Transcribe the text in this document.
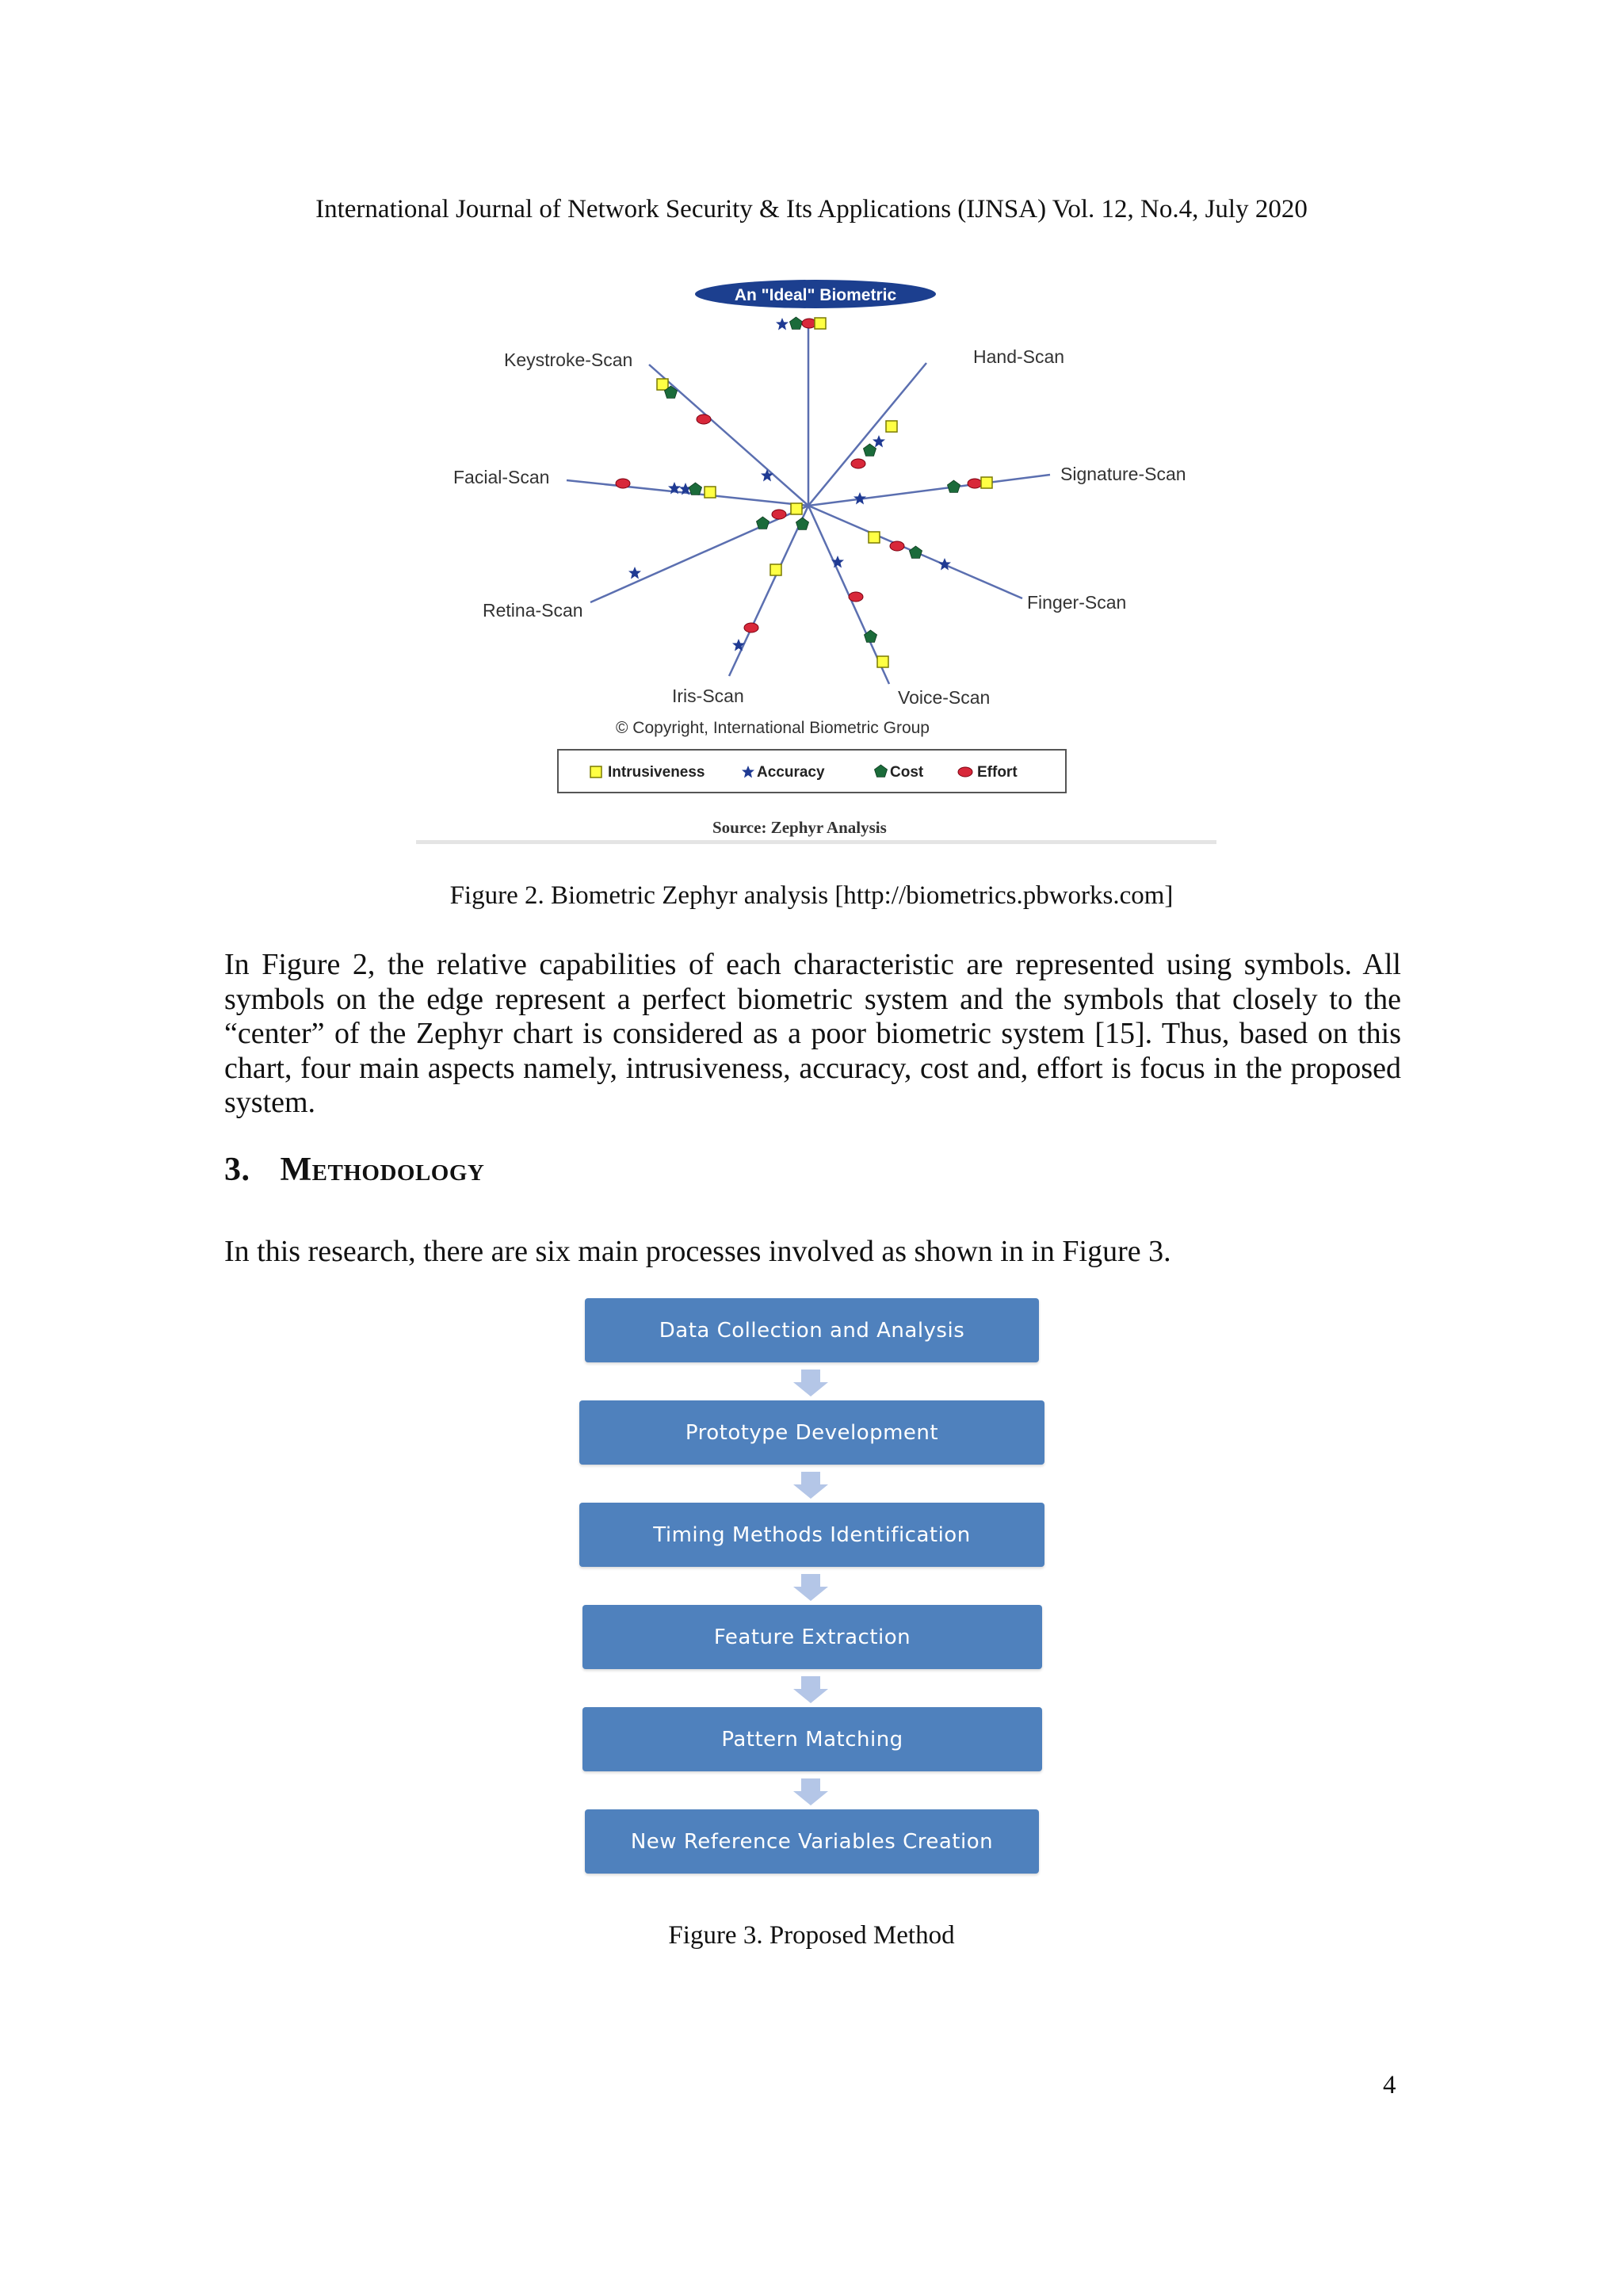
International Journal of Network Security & Its Applications (IJNSA) Vol. 12, No.4, July 2020
An "Ideal" Biometric
Keystroke-Scan	Hand-Scan
Facial-Scan	Signature-Scan
Retina-Scan	Finger-Scan
Iris-Scan	Voice-Scan
© Copyright, International Biometric Group
Intrusiveness	Accuracy	Cost	Effort
Source: Zephyr Analysis
Figure 2. Biometric Zephyr analysis [http://biometrics.pbworks.com]

In Figure 2, the relative capabilities of each characteristic are represented using symbols. All symbols on the edge represent a perfect biometric system and the symbols that closely to the “center” of the Zephyr chart is considered as a poor biometric system [15]. Thus, based on this chart, four main aspects namely, intrusiveness, accuracy, cost and, effort is focus in the proposed system.

3. Methodology

In this research, there are six main processes involved as shown in in Figure 3.

Data Collection and Analysis
Prototype Development
Timing Methods Identification
Feature Extraction
Pattern Matching
New Reference Variables Creation
Figure 3. Proposed Method
4
